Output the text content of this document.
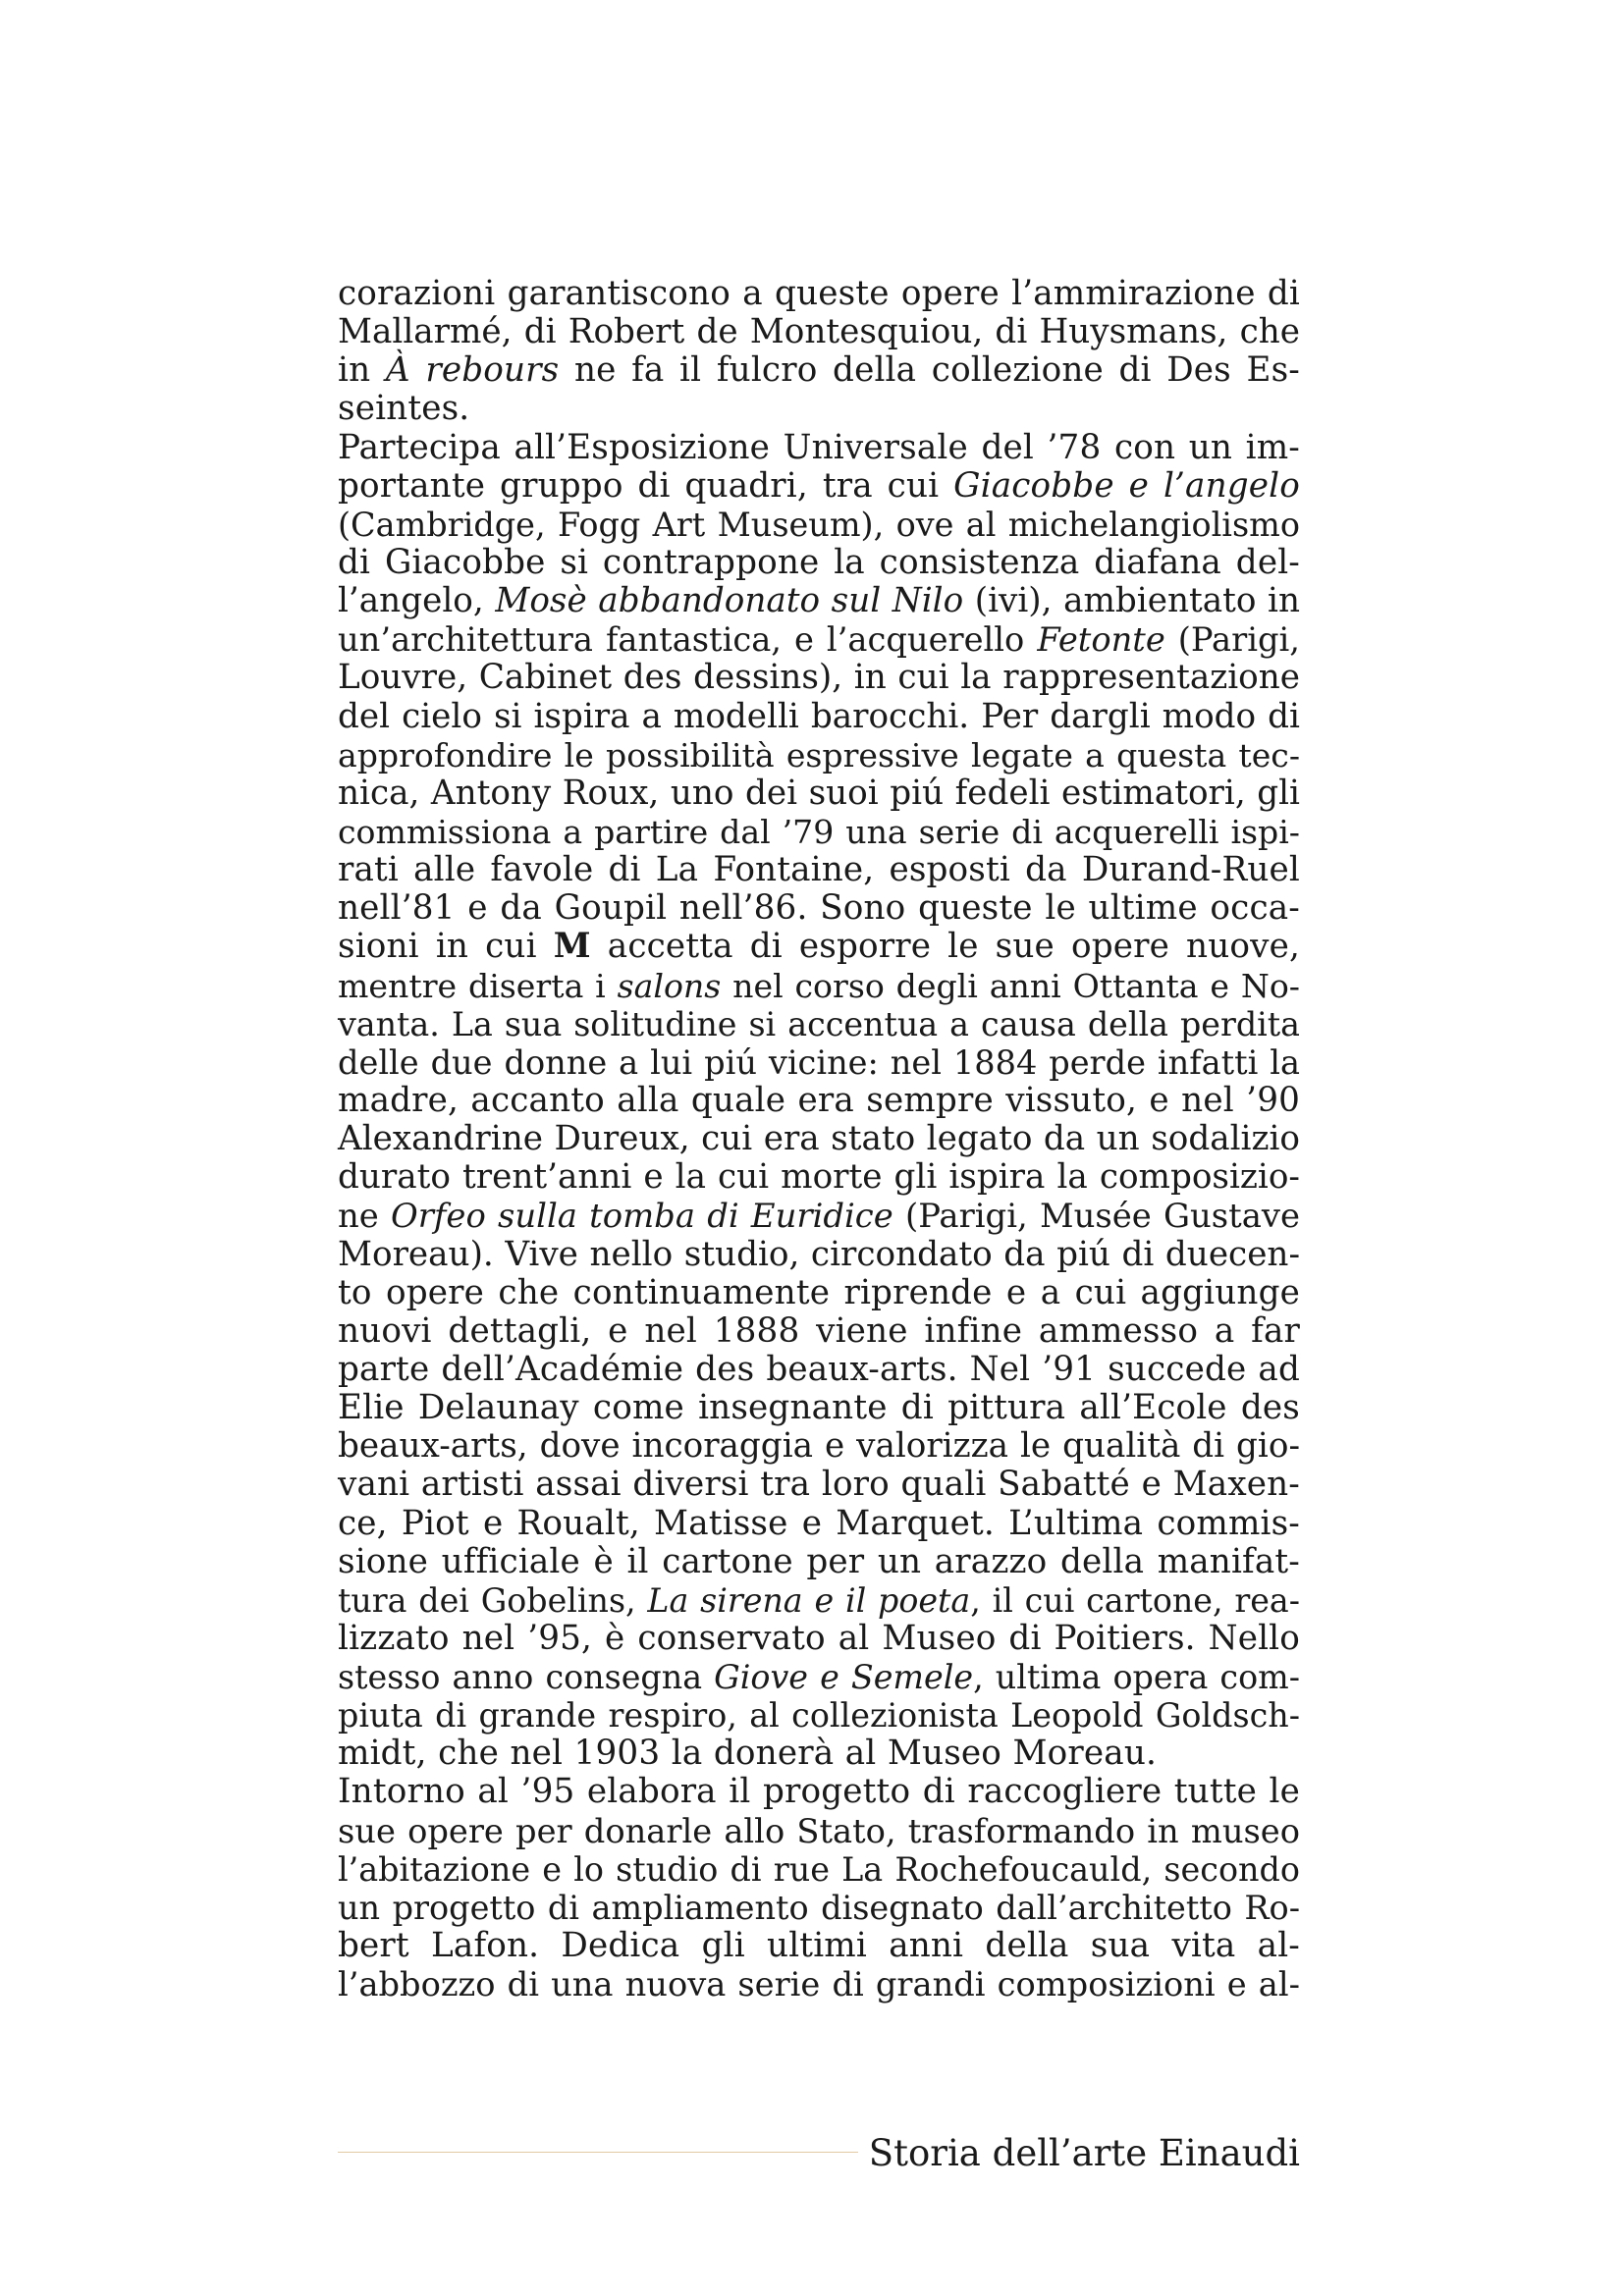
corazioni garantiscono a queste opere l’ammirazione di
Mallarmé, di Robert de Montesquiou, di Huysmans, che
in À rebours ne fa il fulcro della collezione di Des Es-
seintes.
Partecipa all’Esposizione Universale del ’78 con un im-
portante gruppo di quadri, tra cui Giacobbe e l’angelo
(Cambridge, Fogg Art Museum), ove al michelangiolismo
di Giacobbe si contrappone la consistenza diafana del-
l’angelo, Mosè abbandonato sul Nilo (ivi), ambientato in
un’architettura fantastica, e l’acquerello Fetonte (Parigi,
Louvre, Cabinet des dessins), in cui la rappresentazione
del cielo si ispira a modelli barocchi. Per dargli modo di
approfondire le possibilità espressive legate a questa tec-
nica, Antony Roux, uno dei suoi piú fedeli estimatori, gli
commissiona a partire dal ’79 una serie di acquerelli ispi-
rati alle favole di La Fontaine, esposti da Durand-Ruel
nell’81 e da Goupil nell’86. Sono queste le ultime occa-
sioni in cui M accetta di esporre le sue opere nuove,
mentre diserta i salons nel corso degli anni Ottanta e No-
vanta. La sua solitudine si accentua a causa della perdita
delle due donne a lui piú vicine: nel 1884 perde infatti la
madre, accanto alla quale era sempre vissuto, e nel ’90
Alexandrine Dureux, cui era stato legato da un sodalizio
durato trent’anni e la cui morte gli ispira la composizio-
ne Orfeo sulla tomba di Euridice (Parigi, Musée Gustave
Moreau). Vive nello studio, circondato da piú di duecen-
to opere che continuamente riprende e a cui aggiunge
nuovi dettagli, e nel 1888 viene infine ammesso a far
parte dell’Académie des beaux-arts. Nel ’91 succede ad
Elie Delaunay come insegnante di pittura all’Ecole des
beaux-arts, dove incoraggia e valorizza le qualità di gio-
vani artisti assai diversi tra loro quali Sabatté e Maxen-
ce, Piot e Roualt, Matisse e Marquet. L’ultima commis-
sione ufficiale è il cartone per un arazzo della manifat-
tura dei Gobelins, La sirena e il poeta, il cui cartone, rea-
lizzato nel ’95, è conservato al Museo di Poitiers. Nello
stesso anno consegna Giove e Semele, ultima opera com-
piuta di grande respiro, al collezionista Leopold Goldsch-
midt, che nel 1903 la donerà al Museo Moreau.
Intorno al ’95 elabora il progetto di raccogliere tutte le
sue opere per donarle allo Stato, trasformando in museo
l’abitazione e lo studio di rue La Rochefoucauld, secondo
un progetto di ampliamento disegnato dall’architetto Ro-
bert Lafon. Dedica gli ultimi anni della sua vita al-
l’abbozzo di una nuova serie di grandi composizioni e al-
Storia dell’arte Einaudi
